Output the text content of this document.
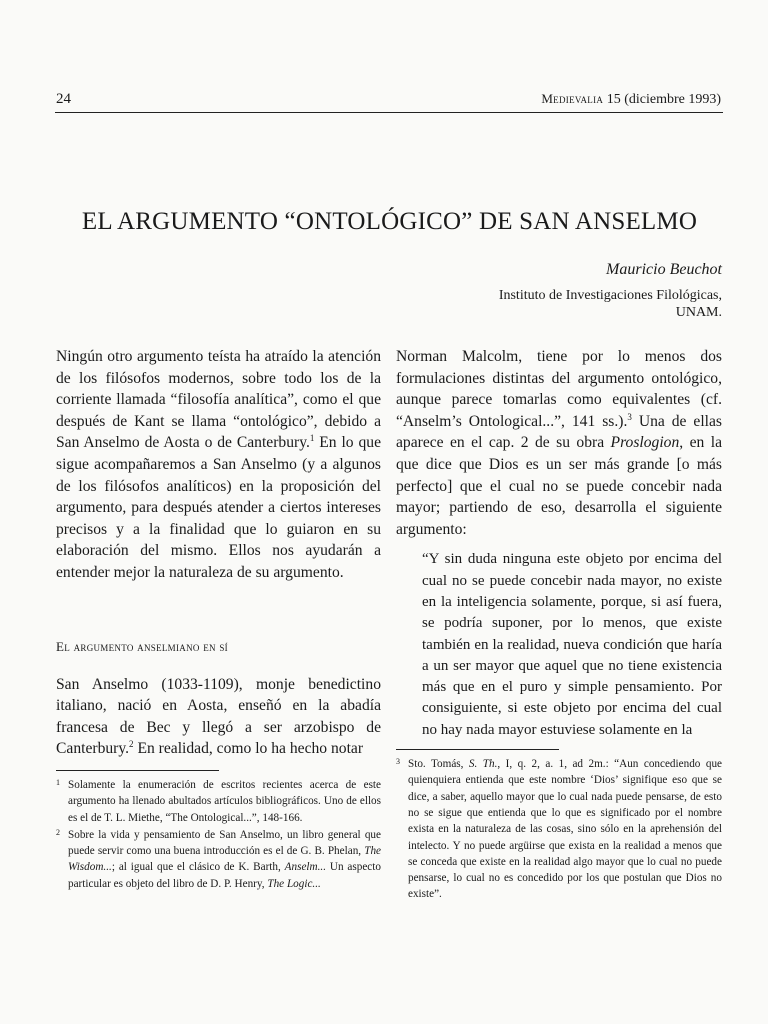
24	Medievalia 15 (diciembre 1993)
EL ARGUMENTO “ONTOLÓGICO” DE SAN ANSELMO
Mauricio Beuchot
Instituto de Investigaciones Filológicas,
UNAM.

Ningún otro argumento teísta ha atraído la atención de los filósofos modernos, sobre todo los de la corriente llamada “filosofía analítica”, como el que después de Kant se llama “ontológico”, debido a San Anselmo de Aosta o de Canterbury.$^1$ En lo que sigue acompañaremos a San Anselmo (y a algunos de los filósofos analíticos) en la proposición del argumento, para después atender a ciertos intereses precisos y a la finalidad que lo guiaron en su elaboración del mismo. Ellos nos ayudarán a entender mejor la naturaleza de su argumento.

El argumento anselmiano en sí

San Anselmo (1033-1109), monje benedictino italiano, nació en Aosta, enseñó en la abadía francesa de Bec y llegó a ser arzobispo de Canterbury.$^2$ En realidad, como lo ha hecho notar

1 Solamente la enumeración de escritos recientes acerca de este argumento ha llenado abultados artículos bibliográficos. Uno de ellos es el de T. L. Miethe, “The Ontological...”, 148-166.
2 Sobre la vida y pensamiento de San Anselmo, un libro general que puede servir como una buena introducción es el de G. B. Phelan, The Wisdom...; al igual que el clásico de K. Barth, Anselm... Un aspecto particular es objeto del libro de D. P. Henry, The Logic...

Norman Malcolm, tiene por lo menos dos formulaciones distintas del argumento ontológico, aunque parece tomarlas como equivalentes (cf. “Anselm’s Ontological...”, 141 ss.).$^3$ Una de ellas aparece en el cap. 2 de su obra Proslogion, en la que dice que Dios es un ser más grande [o más perfecto] que el cual no se puede concebir nada mayor; partiendo de eso, desarrolla el siguiente argumento:

“Y sin duda ninguna este objeto por encima del cual no se puede concebir nada mayor, no existe en la inteligencia solamente, porque, si así fuera, se podría suponer, por lo menos, que existe también en la realidad, nueva condición que haría a un ser mayor que aquel que no tiene existencia más que en el puro y simple pensamiento. Por consiguiente, si este objeto por encima del cual no hay nada mayor estuviese solamente en la

3 Sto. Tomás, S. Th., I, q. 2, a. 1, ad 2m.: “Aun concediendo que quienquiera entienda que este nombre ‘Dios’ signifique eso que se dice, a saber, aquello mayor que lo cual nada puede pensarse, de esto no se sigue que entienda que lo que es significado por el nombre exista en la naturaleza de las cosas, sino sólo en la aprehensión del intelecto. Y no puede argüirse que exista en la realidad a menos que se conceda que existe en la realidad algo mayor que lo cual no puede pensarse, lo cual no es concedido por los que postulan que Dios no existe”.
